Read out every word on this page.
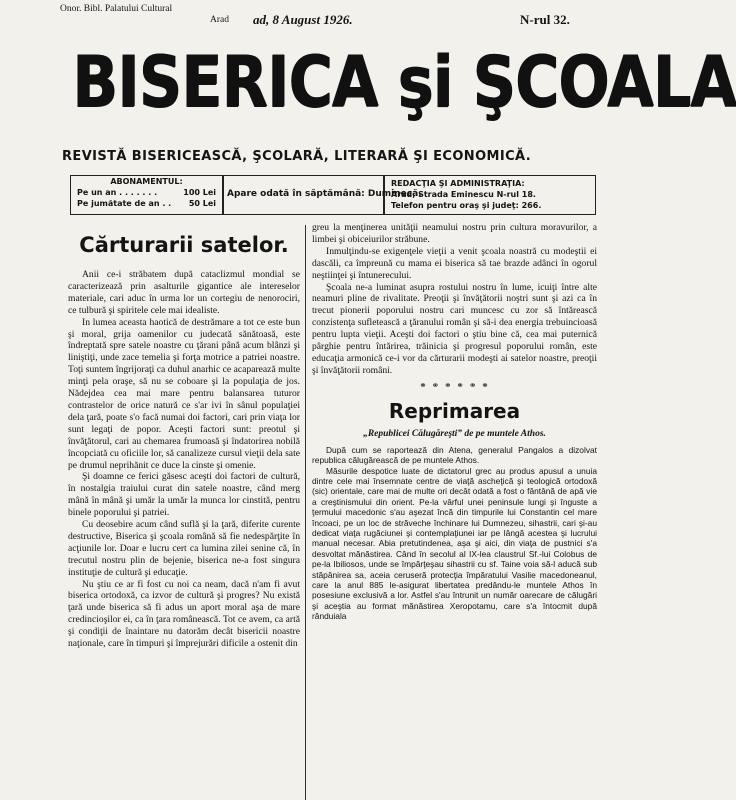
Onor. Bibl. Palatului Cultural
Arad ad, 8 August 1926.	N-rul 32.
BISERICA şi ŞCOALA
REVISTĂ BISERICEASCĂ, ŞCOLARĂ, LITERARĂ ŞI ECONOMICĂ.
ABONAMENTUL:
Pe un an . . . . . . .	100 Lei
Pe jumătate de an . . 50 Lei
Apare odată în săptămână: Duminecă.
REDACŢIA ŞI ADMINISTRAŢIA:
Arad, Strada Eminescu N-rul 18.
Telefon pentru oraş şi judeţ: 266.
Cărturarii satelor.

Anii ce-i străbatem după cataclizmul mondial se caracterizează prin asalturile gigantice ale intereselor materiale, cari aduc în urma lor un cortegiu de nenorociri, ce tulbură şi spiritele cele mai idealiste.

In lumea aceasta haotică de destrămare a tot ce este bun şi moral, grija oamenilor cu judecată sănătoasă, este îndreptată spre satele noastre cu ţărani până acum blânzi şi liniştiţi, unde zace temelia şi forţa motrice a patriei noastre. Toţi suntem îngrijoraţi ca duhul anarhic ce acaparează multe minţi pela oraşe, să nu se coboare şi la populaţia de jos. Nădejdea cea mai mare pentru balansarea tuturor contrastelor de orice natură ce s'ar ivi în sânul populaţiei dela ţară, poate s'o facă numai doi factori, cari prin viaţa lor sunt legaţi de popor. Aceşti factori sunt: preotul şi învăţătorul, cari au chemarea frumoasă şi îndatorirea nobilă încopciată cu oficiile lor, să canalizeze cursul vieţii dela sate pe drumul neprihănit ce duce la cinste şi omenie.

Şi doamne ce ferici găsesc aceşti doi factori de cultură, în nostalgia traiului curat din satele noastre, când merg mână în mână şi umăr la umăr la munca lor cinstită, pentru binele poporului şi patriei.

Cu deosebire acum când suflă şi la ţară, diferite curente destructive, Biserica şi şcoala română să fie nedespărţite în acţiunile lor. Doar e lucru cert ca lumina zilei senine că, în trecutul nostru plin de bejenie, biserica ne-a fost singura instituţie de cultură şi educaţie.

Nu ştiu ce ar fi fost cu noi ca neam, dacă n'am fi avut biserica ortodoxă, ca izvor de cultură şi progres? Nu există ţară unde biserica să fi adus un aport moral aşa de mare credincioşilor ei, ca în ţara românească. Tot ce avem, ca artă şi condiţii de înaintare nu datorăm decât bisericii noastre naţionale, care în timpuri şi împrejurări dificile a ostenit din

greu la menţinerea unităţii neamului nostru prin cultura moravurilor, a limbei şi obiceiurilor străbune.

Inmulţindu-se exigenţele vieţii a venit şcoala noastră cu modeştii ei dascăli, ca împreună cu mama ei biserica să tae brazde adânci în ogorul neştiinţei şi întunerecului.

Şcoala ne-a luminat asupra rostului nostru în lume, icuiţi între alte neamuri pline de rivalitate. Preoţii şi învăţătorii noştri sunt şi azi ca în trecut pionerii poporului nostru cari muncesc cu zor să întărească conzistenţa sufletească a ţăranului român şi să-i dea energia trebuincioasă pentru lupta vieţii. Aceşti doi factori o ştiu bine că, cea mai puternică pârghie pentru întărirea, trăinicia şi progresul poporului român, este educaţia armonică ce-i vor da cărturarii modeşti ai satelor noastre, preoţii şi învăţătorii români.

⚭ ⚭ ⚭ ⚭ ⚭ ⚭
Reprimarea
„Republicei Călugăreşti” de pe muntele Athos.

După cum se raportează din Atena, generalul Pangalos a dizolvat republica călugărească de pe muntele Athos.

Măsurile despotice luate de dictatorul grec au produs apusul a unuia dintre cele mai însemnate centre de viaţă ascheţică şi teologică ortodoxă (sic) orientale, care mai de multe ori decât odată a fost o fântână de apă vie a creştinismului din orient. Pe-la vârful unei peninsule lungi şi înguste a ţermului macedonic s'au aşezat încă din timpurile lui Constantin cel mare încoaci, pe un loc de străveche închinare lui Dumnezeu, sihastrii, cari şi-au dedicat viaţa rugăciunei şi contemplaţiunei iar pe lângă acestea şi lucrului manual necesar. Abia pretutindenea, aşa şi aici, din viaţa de pustnici s'a desvoltat mănăstirea. Când în secolul al IX-lea claustrul Sf.-lui Colobus de pe-la Ibiliosos, unde se împărţeşau sihastrii cu sf. Taine voia să-l aducă sub stăpânirea sa, aceia ceruseră protecţia împăratului Vasilie macedoneanul, care la anul 885 le-asigurat libertatea predându-le muntele Athos în posesiune exclusivă a lor. Astfel s'au întrunit un număr oarecare de călugări şi aceştia au format mănăstirea Xeropotamu, care s'a întocmit după rânduiala
